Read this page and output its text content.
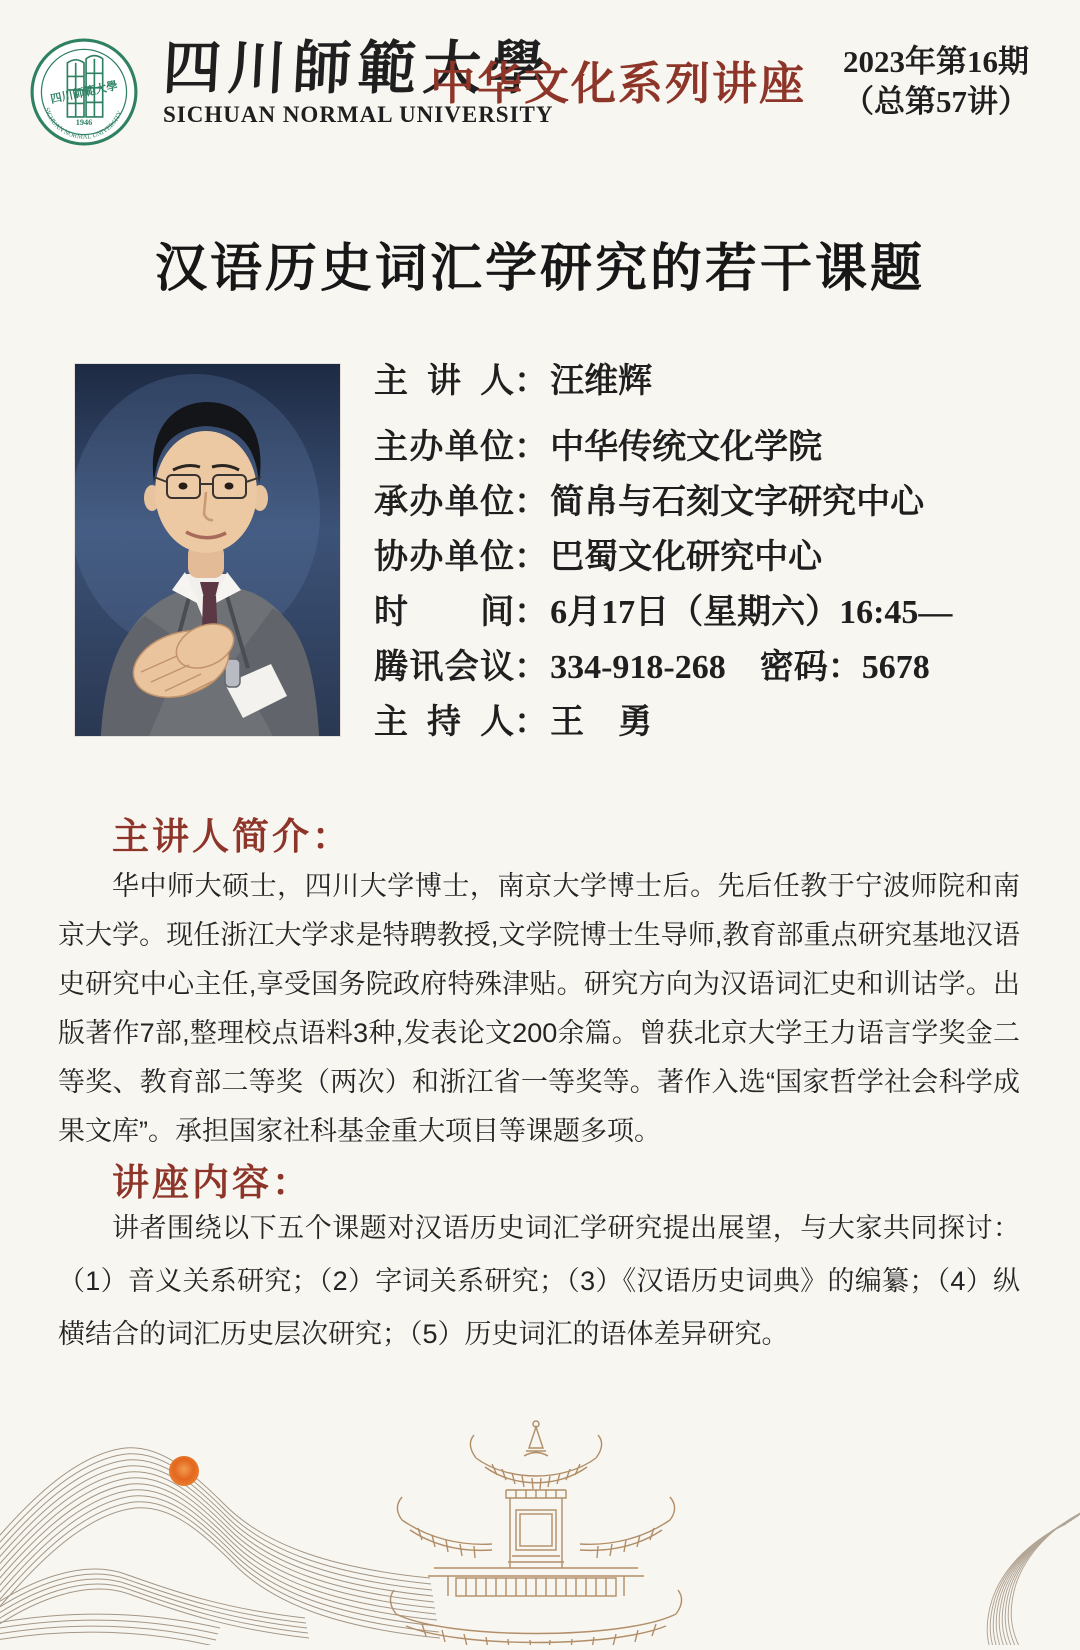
四川師範大學
1946
SICHUAN NORMAL UNIVERSITY
四川師範大學
SICHUAN NORMAL UNIVERSITY
中华文化系列讲座	2023年第16期
（总第57讲）
汉语历史词汇学研究的若干课题
主讲人 ： 汪维辉
主办单位 ： 中华传统文化学院
承办单位 ： 简帛与石刻文字研究中心
协办单位 ： 巴蜀文化研究中心
时间 ： 6月17日（星期六）16:45—
腾讯会议 ： 334-918-268　密码：5678
主持人 ： 王　勇
主讲人简介：
华中师大硕士，四川大学博士，南京大学博士后。先后任教于宁波师院和南京大学。现任浙江大学求是特聘教授,文学院博士生导师,教育部重点研究基地汉语史研究中心主任,享受国务院政府特殊津贴。研究方向为汉语词汇史和训诂学。出版著作7部,整理校点语料3种,发表论文200余篇。曾获北京大学王力语言学奖金二等奖、教育部二等奖（两次）和浙江省一等奖等。著作入选“国家哲学社会科学成果文库”。承担国家社科基金重大项目等课题多项。
讲座内容：
讲者围绕以下五个课题对汉语历史词汇学研究提出展望，与大家共同探讨：（1）音义关系研究；（2）字词关系研究；（3）《汉语历史词典》的编纂；（4）纵横结合的词汇历史层次研究；（5）历史词汇的语体差异研究。
